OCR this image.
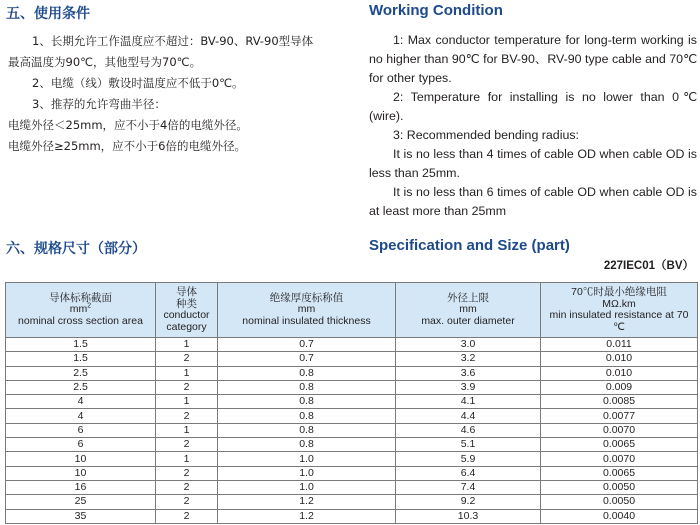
五、使用条件	Working Condition

1、长期允许工作温度应不超过：BV-90、RV-90型导体

最高温度为90℃，其他型号为70℃。

2、电缆（线）敷设时温度应不低于0℃。

3、推荐的允许弯曲半径：

电缆外径＜25mm，应不小于4倍的电缆外径。

电缆外径≥25mm，应不小于6倍的电缆外径。

1: Max conductor temperature for long-term working is no higher than 90℃ for BV-90、RV-90 type cable and 70℃ for other types.

2: Temperature for installing is no lower than 0℃ (wire).

3: Recommended bending radius:

It is no less than 4 times of cable OD when cable OD is less than 25mm.

It is no less than 6 times of cable OD when cable OD is at least more than 25mm

六、规格尺寸（部分）	Specification and Size (part)
227IEC01（BV）
导体标称截面
$mm^2$
nominal cross section area	导体
种类
conductor category	绝缘厚度标称值
mm
nominal insulated thickness	外径上限
mm
max. outer diameter	70℃时最小绝缘电阻
MΩ.km
min insulated resistance at 70 ℃

1.5	1	0.7	3.0	0.011
1.5	2	0.7	3.2	0.010
2.5	1	0.8	3.6	0.010
2.5	2	0.8	3.9	0.009
4	1	0.8	4.1	0.0085
4	2	0.8	4.4	0.0077
6	1	0.8	4.6	0.0070
6	2	0.8	5.1	0.0065
10	1	1.0	5.9	0.0070
10	2	1.0	6.4	0.0065
16	2	1.0	7.4	0.0050
25	2	1.2	9.2	0.0050
35	2	1.2	10.3	0.0040
